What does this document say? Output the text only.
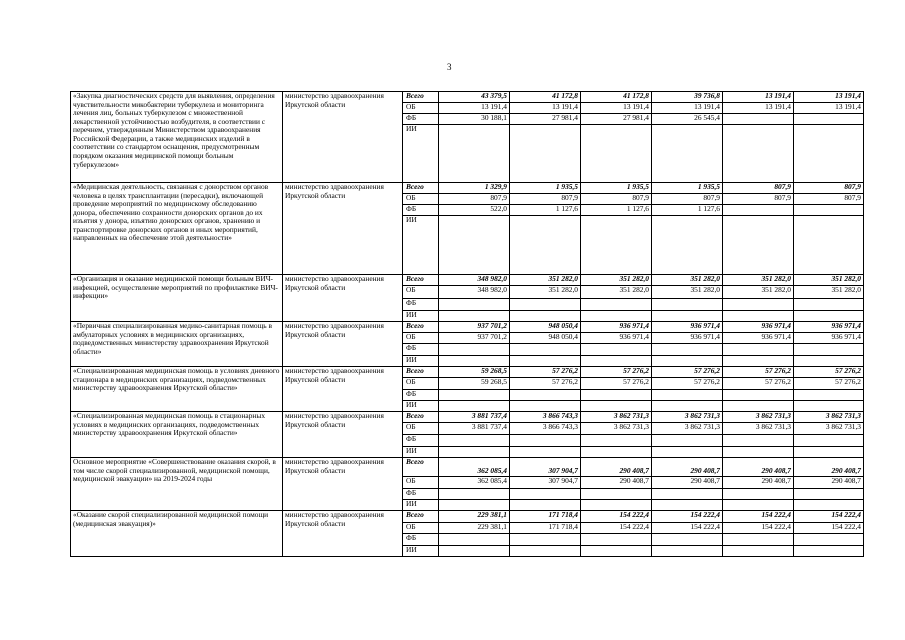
3
«Закупка диагностических средств для выявления, определения чувствительности микобактерии туберкулеза и мониторинга лечения лиц, больных туберкулезом с множественной лекарственной устойчивостью возбудителя, в соответствии с перечнем, утвержденным Министерством здравоохранения Российской Федерации, а также медицинских изделий в соответствии со стандартом оснащения, предусмотренным порядком оказания медицинской помощи больным туберкулезом»	министерство здравоохранения Иркутской области	Всего	43 379,5	41 172,8	41 172,8	39 736,8	13 191,4	13 191,4
		ОБ	13 191,4	13 191,4	13 191,4	13 191,4	13 191,4	13 191,4
		ФБ	30 188,1	27 981,4	27 981,4	26 545,4		
		ИИ						
«Медицинская деятельность, связанная с донорством органов человека в целях трансплантации (пересадки), включающей проведение мероприятий по медицинскому обследованию донора, обеспечению сохранности донорских органов до их изъятия у донора, изъятию донорских органов, хранению и транспортировке донорских органов и иных мероприятий, направленных на обеспечение этой деятельности»	министерство здравоохранения Иркутской области	Всего	1 329,9	1 935,5	1 935,5	1 935,5	807,9	807,9
		ОБ	807,9	807,9	807,9	807,9	807,9	807,9
		ФБ	522,0	1 127,6	1 127,6	1 127,6		
		ИИ						
«Организация и оказание медицинской помощи больным ВИЧ-инфекцией, осуществление мероприятий по профилактике ВИЧ-инфекции»	министерство здравоохранения Иркутской области	Всего	348 982,0	351 282,0	351 282,0	351 282,0	351 282,0	351 282,0
		ОБ	348 982,0	351 282,0	351 282,0	351 282,0	351 282,0	351 282,0
		ФБ						
		ИИ						
«Первичная специализированная медико-санитарная помощь в амбулаторных условиях в медицинских организациях, подведомственных министерству здравоохранения Иркутской области»	министерство здравоохранения Иркутской области	Всего	937 701,2	948 050,4	936 971,4	936 971,4	936 971,4	936 971,4
		ОБ	937 701,2	948 050,4	936 971,4	936 971,4	936 971,4	936 971,4
		ФБ						
		ИИ						
«Специализированная медицинская помощь в условиях дневного стационара в медицинских организациях, подведомственных министерству здравоохранения Иркутской области»	министерство здравоохранения Иркутской области	Всего	59 268,5	57 276,2	57 276,2	57 276,2	57 276,2	57 276,2
		ОБ	59 268,5	57 276,2	57 276,2	57 276,2	57 276,2	57 276,2
		ФБ						
		ИИ						
«Специализированная медицинская помощь в стационарных условиях в медицинских организациях, подведомственных министерству здравоохранения Иркутской области»	министерство здравоохранения Иркутской области	Всего	3 881 737,4	3 866 743,3	3 862 731,3	3 862 731,3	3 862 731,3	3 862 731,3
		ОБ	3 881 737,4	3 866 743,3	3 862 731,3	3 862 731,3	3 862 731,3	3 862 731,3
		ФБ						
		ИИ						
Основное мероприятие «Совершенствование оказания скорой, в том числе скорой специализированной, медицинской помощи, медицинской эвакуации» на 2019-2024 годы	министерство здравоохранения Иркутской области	Всего	362 085,4	307 904,7	290 408,7	290 408,7	290 408,7	290 408,7
		ОБ	362 085,4	307 904,7	290 408,7	290 408,7	290 408,7	290 408,7
		ФБ						
		ИИ						
«Оказание скорой специализированной медицинской помощи (медицинская эвакуация)»	министерство здравоохранения Иркутской области	Всего	229 381,1	171 718,4	154 222,4	154 222,4	154 222,4	154 222,4
		ОБ	229 381,1	171 718,4	154 222,4	154 222,4	154 222,4	154 222,4
		ФБ						
		ИИ						
